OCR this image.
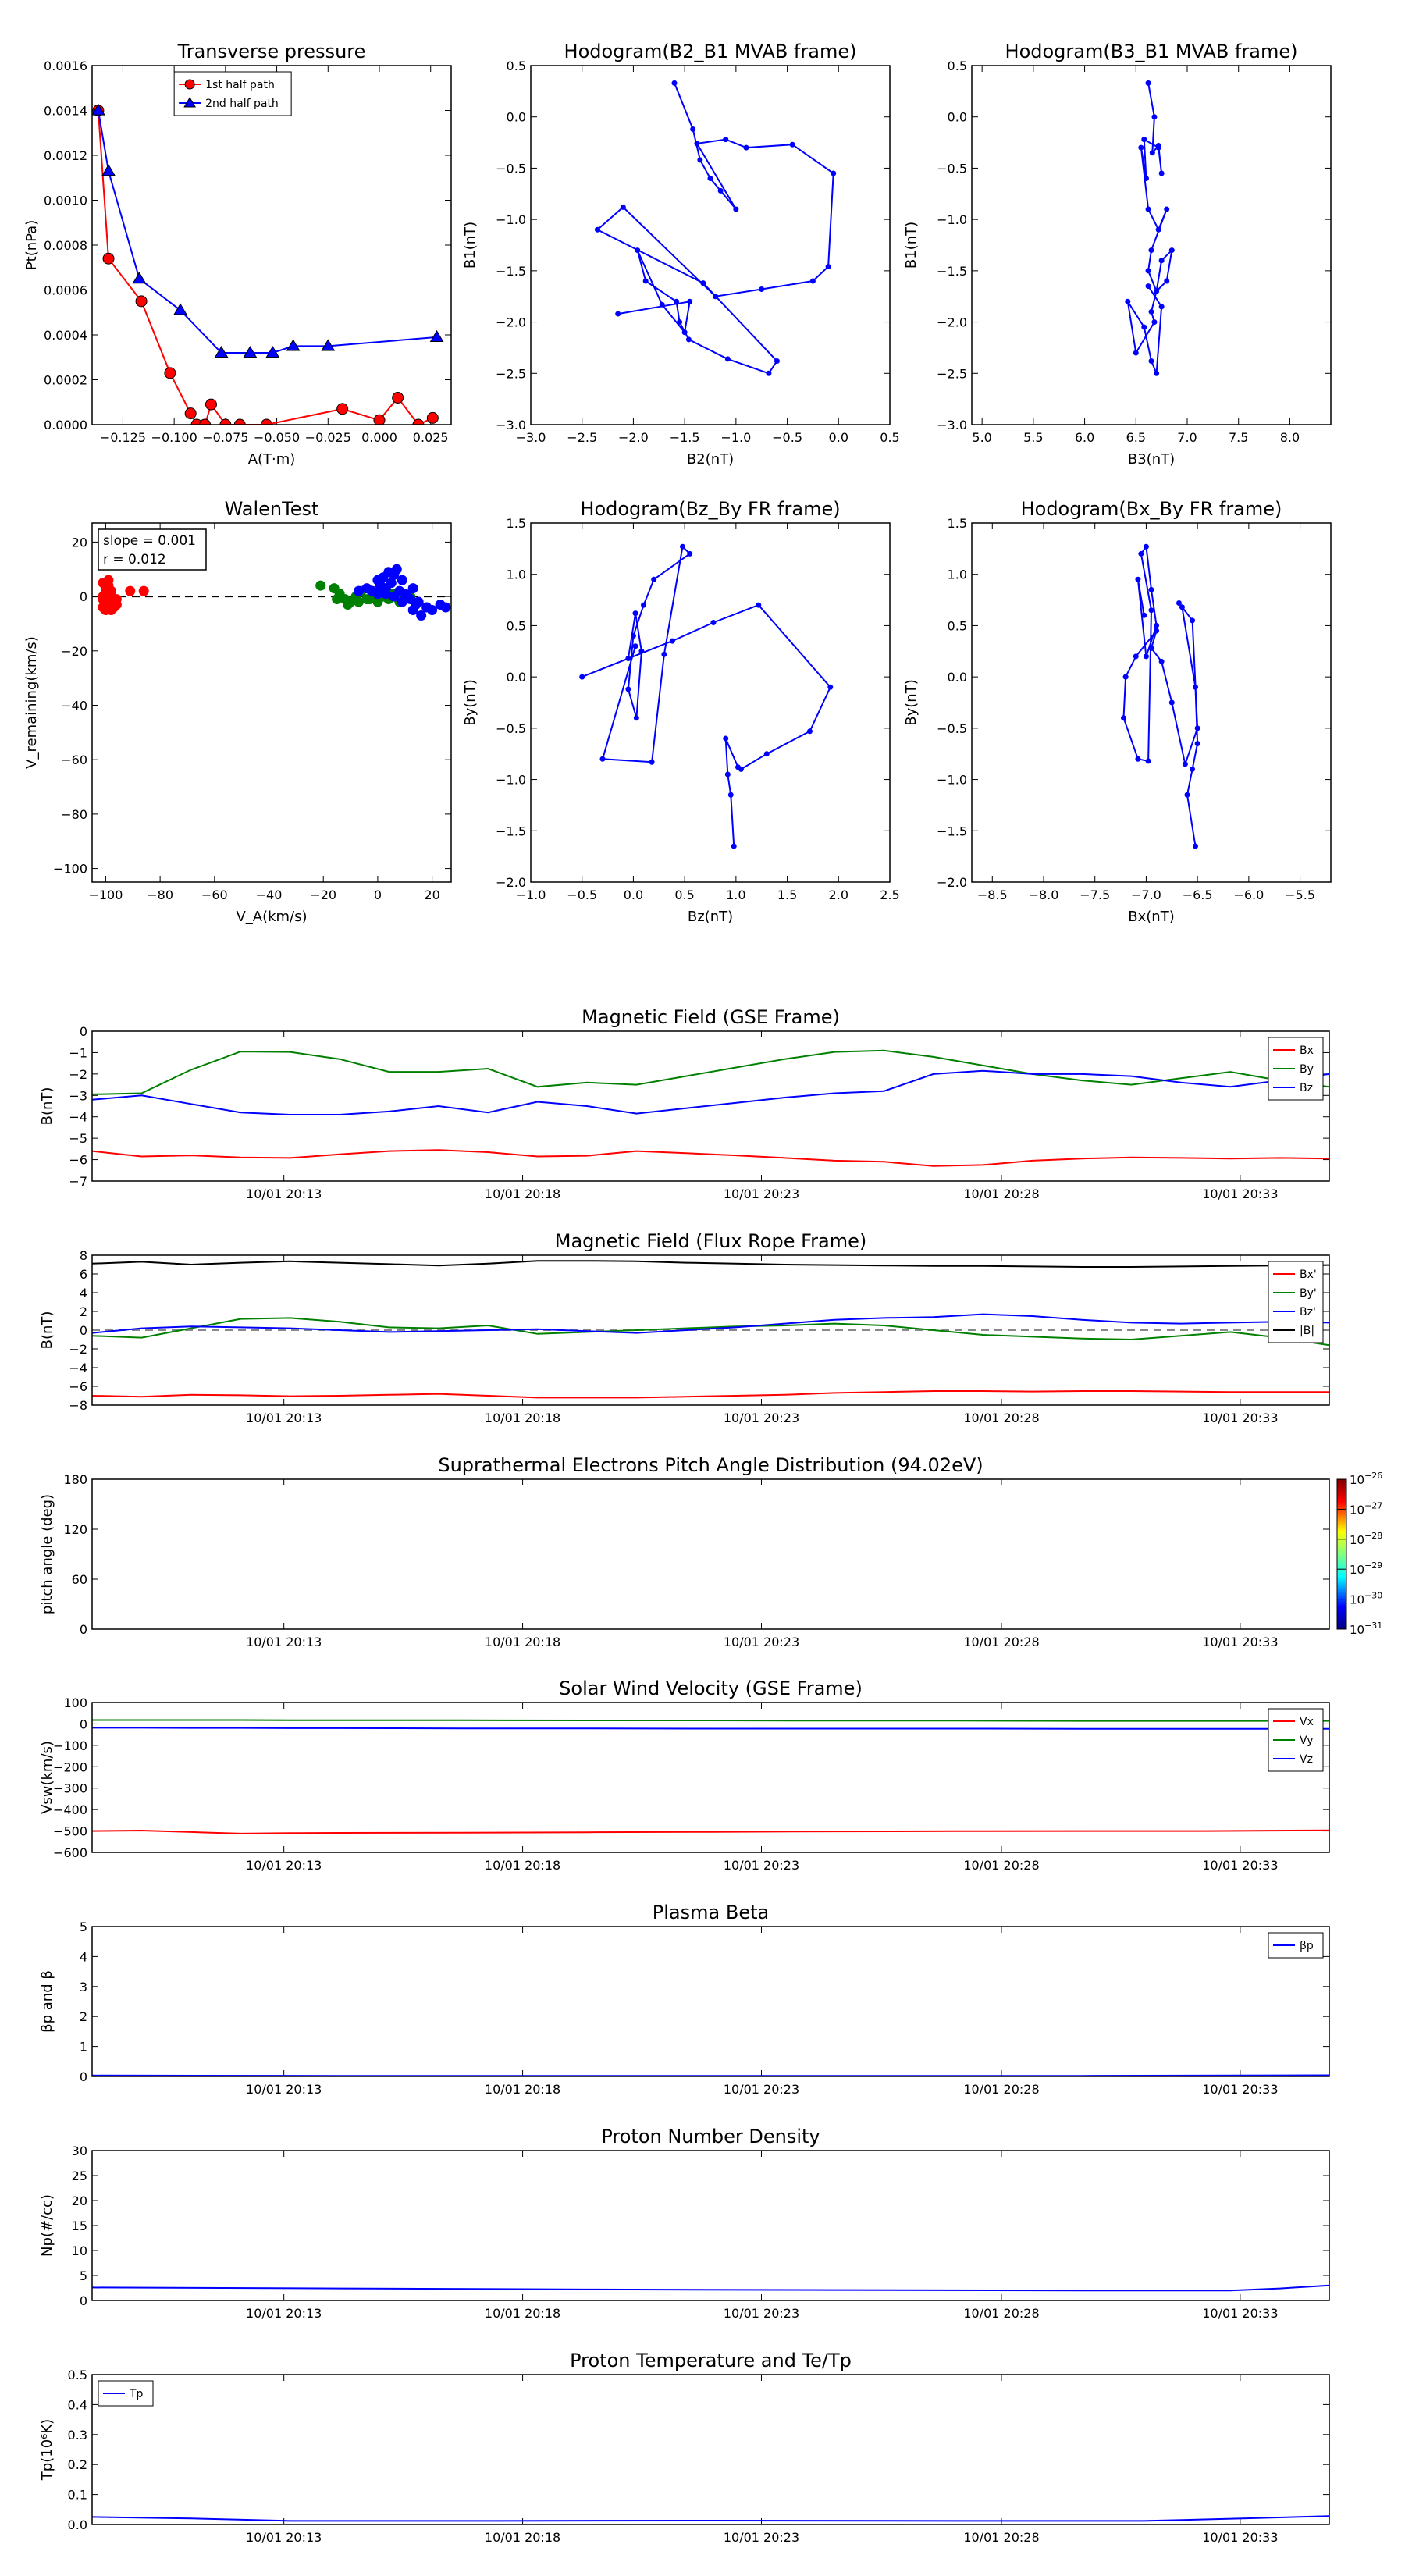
Transverse pressure
0.0000
0.0002
0.0004
0.0006
0.0008
0.0010
0.0012
0.0014
0.0016
−0.125 −0.100 −0.075 −0.050 −0.025 0.000 0.025
A(T·m)
Pt(nPa)
1st half path
2nd half path
Hodogram(B2_B1 MVAB frame)
−3.0
−2.5
−2.0
−1.5
−1.0
−0.5
0.0
0.5
−3.0 −2.5 −2.0 −1.5 −1.0 −0.5 0.0	0.5
B2(nT)
B1(nT)
Hodogram(B3_B1 MVAB frame)
−3.0
−2.5
−2.0
−1.5
−1.0
−0.5
0.0
0.5
5.0	5.5	6.0	6.5	7.0	7.5	8.0
B3(nT)
B1(nT)
WalenTest
−100
−80
−60
−40
−20
0
20
−100 −80 −60 −40 −20	0	20
V_A(km/s)
V_remaining(km/s)
slope = 0.001
r = 0.012
Hodogram(Bz_By FR frame)
−2.0
−1.5
−1.0
−0.5
0.0
0.5
1.0
1.5
−1.0 −0.5 0.0	0.5	1.0	1.5	2.0	2.5
Bz(nT)
By(nT)
Hodogram(Bx_By FR frame)
−2.0
−1.5
−1.0
−0.5
0.0
0.5
1.0
1.5
−8.5 −8.0 −7.5 −7.0 −6.5 −6.0 −5.5
Bx(nT)
By(nT)
Magnetic Field (GSE Frame)
−7
−6
−5
−4
−3
−2
−1
0
10/01 20:13	10/01 20:18	10/01 20:23	10/01 20:28	10/01 20:33
B(nT)
Bx
By
Bz
Magnetic Field (Flux Rope Frame)
−8
−6
−4
−2
0
2
4
6
8
10/01 20:13	10/01 20:18	10/01 20:23	10/01 20:28	10/01 20:33
B(nT)
Bx'
By'
Bz'
|B|
Suprathermal Electrons Pitch Angle Distribution (94.02eV)
0
60
120
180
10/01 20:13	10/01 20:18	10/01 20:23	10/01 20:28	10/01 20:33
pitch angle (deg)
$10^{-26}$
$10^{-27}$
$10^{-28}$
$10^{-29}$
$10^{-30}$
$10^{-31}$
Solar Wind Velocity (GSE Frame)
−600
−500
−400
−300
−200
−100
0
100
10/01 20:13	10/01 20:18	10/01 20:23	10/01 20:28	10/01 20:33
Vsw(km/s)
Vx
Vy
Vz
Plasma Beta
0
1
2
3
4
5
10/01 20:13	10/01 20:18	10/01 20:23	10/01 20:28	10/01 20:33
βp and β
βp
Proton Number Density
0
5
10
15
20
25
30
10/01 20:13	10/01 20:18	10/01 20:23	10/01 20:28	10/01 20:33
Np(#/cc)
Proton Temperature and Te/Tp
0.0
0.1
0.2
0.3
0.4
0.5
10/01 20:13	10/01 20:18	10/01 20:23	10/01 20:28	10/01 20:33
Tp(10⁶K)
Tp
